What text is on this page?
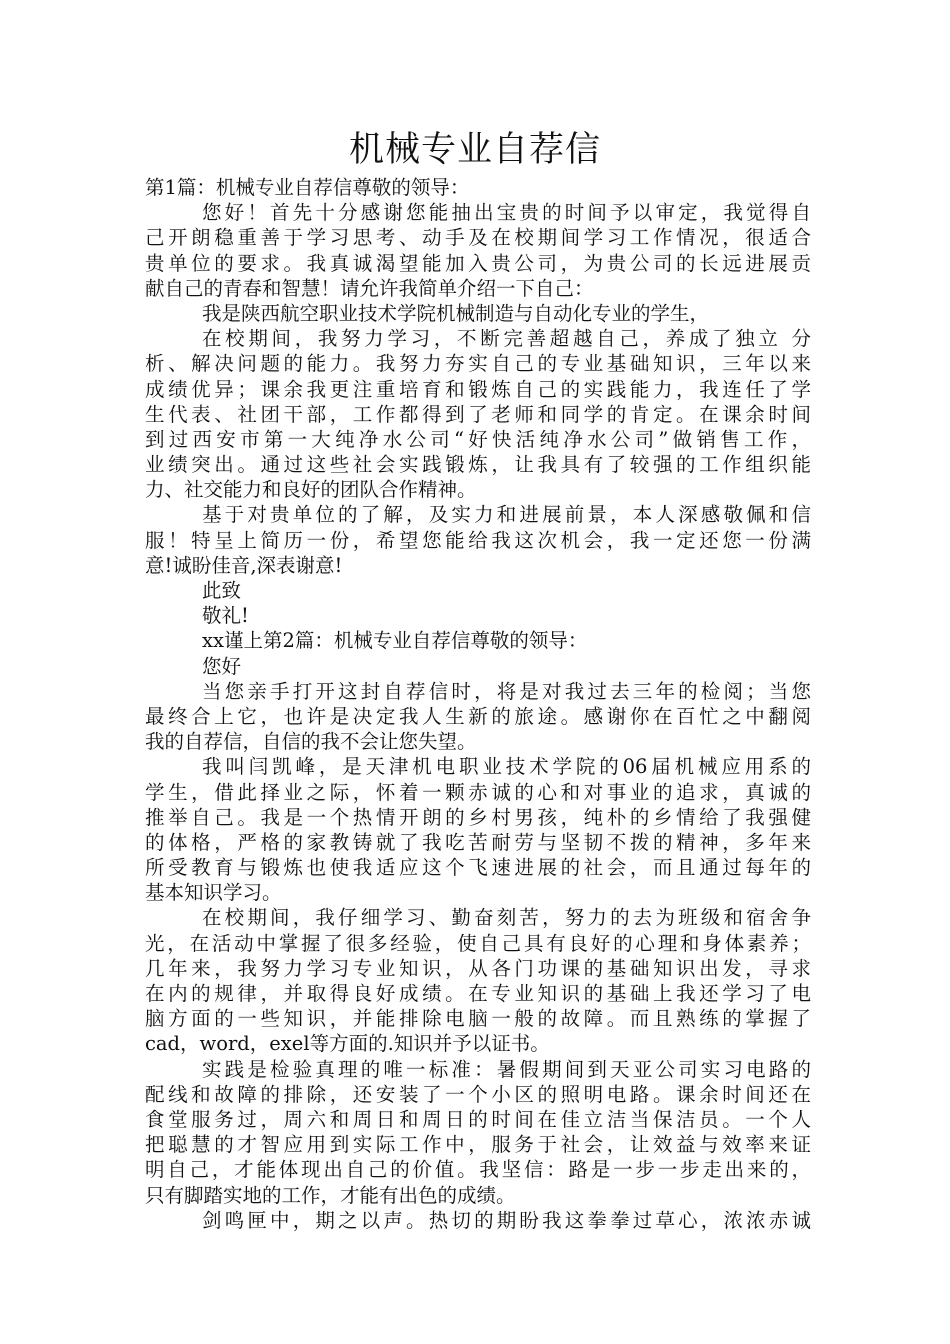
机械专业自荐信
第1篇：机械专业自荐信尊敬的领导：
您好！首先十分感谢您能抽出宝贵的时间予以审定，我觉得自
己开朗稳重善于学习思考、动手及在校期间学习工作情况，很适合
贵单位的要求。我真诚渴望能加入贵公司，为贵公司的长远进展贡
献自己的青春和智慧！请允许我简单介绍一下自己：
我是陕西航空职业技术学院机械制造与自动化专业的学生，
在校期间，我努力学习，不断完善超越自己，养成了独立 分
析、解决问题的能力。我努力夯实自己的专业基础知识，三年以来
成绩优异；课余我更注重培育和锻炼自己的实践能力，我连任了学
生代表、社团干部，工作都得到了老师和同学的肯定。在课余时间
到过西安市第一大纯净水公司“好快活纯净水公司”做销售工作，
业绩突出。通过这些社会实践锻炼，让我具有了较强的工作组织能
力、社交能力和良好的团队合作精神。
基于对贵单位的了解，及实力和进展前景，本人深感敬佩和信
服！特呈上简历一份，希望您能给我这次机会，我一定还您一份满
意!诚盼佳音,深表谢意!
此致
敬礼!
xx谨上第2篇：机械专业自荐信尊敬的领导：
您好
当您亲手打开这封自荐信时，将是对我过去三年的检阅；当您
最终合上它，也许是决定我人生新的旅途。感谢你在百忙之中翻阅
我的自荐信，自信的我不会让您失望。
我叫闫凯峰，是天津机电职业技术学院的06届机械应用系的
学生，借此择业之际，怀着一颗赤诚的心和对事业的追求，真诚的
推举自己。我是一个热情开朗的乡村男孩，纯朴的乡情给了我强健
的体格，严格的家教铸就了我吃苦耐劳与坚韧不拨的精神，多年来
所受教育与锻炼也使我适应这个飞速进展的社会，而且通过每年的
基本知识学习。
在校期间，我仔细学习、勤奋刻苦，努力的去为班级和宿舍争
光，在活动中掌握了很多经验，使自己具有良好的心理和身体素养；
几年来，我努力学习专业知识，从各门功课的基础知识出发，寻求
在内的规律，并取得良好成绩。在专业知识的基础上我还学习了电
脑方面的一些知识，并能排除电脑一般的故障。而且熟练的掌握了
cad，word，exel等方面的.知识并予以证书。
实践是检验真理的唯一标准：暑假期间到天亚公司实习电路的
配线和故障的排除，还安装了一个小区的照明电路。课余时间还在
食堂服务过，周六和周日和周日的时间在佳立洁当保洁员。一个人
把聪慧的才智应用到实际工作中，服务于社会，让效益与效率来证
明自己，才能体现出自己的价值。我坚信：路是一步一步走出来的，
只有脚踏实地的工作，才能有出色的成绩。
剑鸣匣中，期之以声。热切的期盼我这拳拳过草心，浓浓赤诚
